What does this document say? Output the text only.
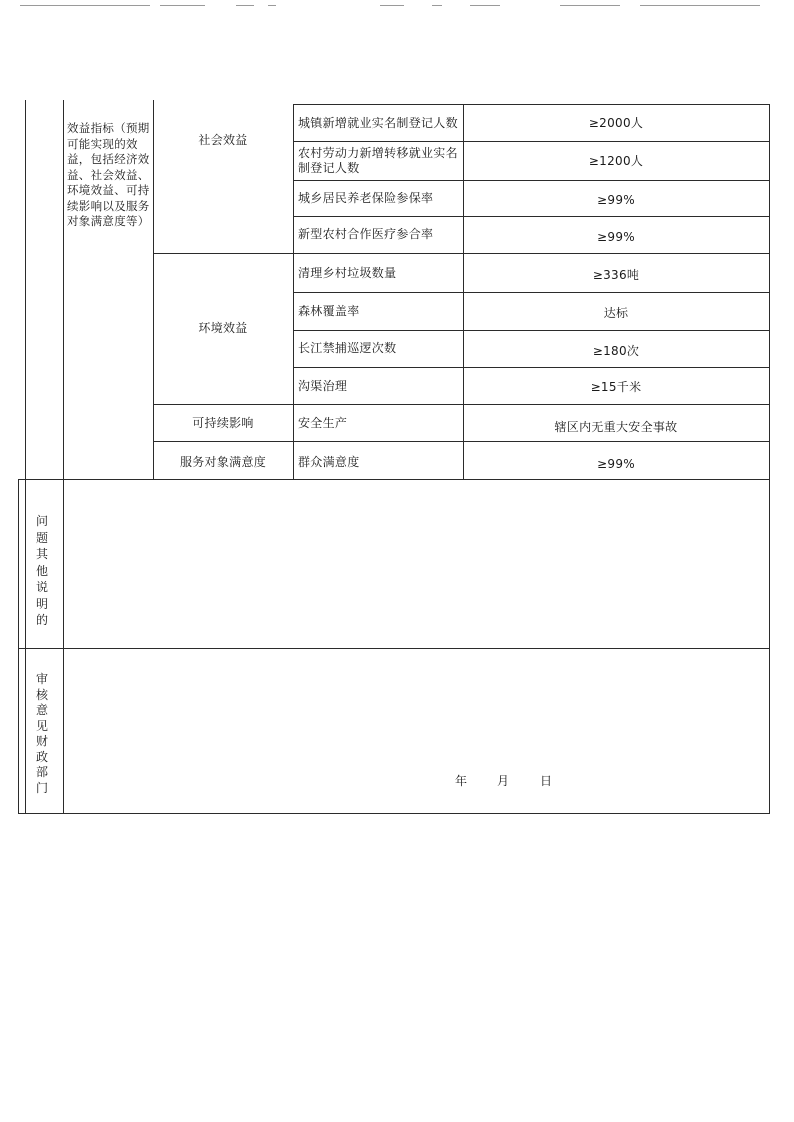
效益指标（预期可能实现的效益，包括经济效益、社会效益、环境效益、可持续影响以及服务对象满意度等）
社会效益
城镇新增就业实名制登记人数	≥2000人
农村劳动力新增转移就业实名制登记人数	≥1200人
城乡居民养老保险参保率	≥99%
新型农村合作医疗参合率	≥99%
环境效益
清理乡村垃圾数量	≥336吨
森林覆盖率	达标
长江禁捕巡逻次数	≥180次
沟渠治理	≥15千米
可持续影响	安全生产	辖区内无重大安全事故
服务对象满意度	群众满意度	≥99%
问题其他说明的
审核意见财政部门	年 月	日
